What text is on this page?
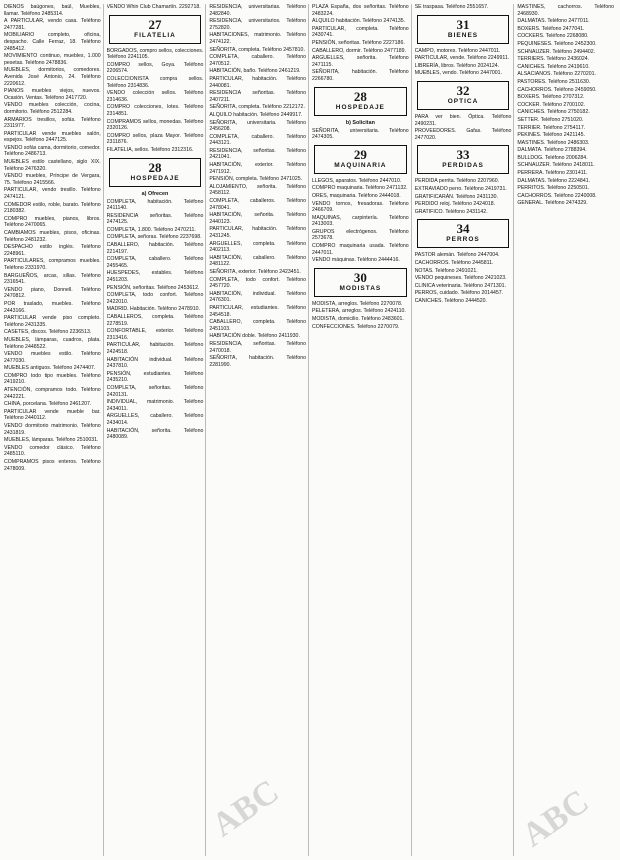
DIENOS baúgones, baúl, Muebles, llamar. Teléfono 2485314.

A PARTICULAR, vendo casa. Teléfono 2477281.

MOBILIARIO completo, oficina, despacho. Calle Ferraz, 18. Teléfono 2485412.

MOVIMIENTO continuo, muebles, 1.000 pesetas. Teléfono 2478836.

MUEBLES, dormitorios, comedores. Avenida José Antonio, 24. Teléfono 2220612.

PIANOS muebles viejos, nuevos. Ocasión. Ventas. Teléfono 2417720.

VENDO muebles colección, cocina, dormitorio. Teléfono 2512284.

ARMARIOS tresillos, sofás. Teléfono 2311977.

PARTICULAR vende muebles salón, espejos. Teléfono 2447125.

VENDO sofás cama, dormitorio, comedor. Teléfono 2486713.

MUEBLES estilo castellano, siglo XIX. Teléfono 2476320.

VENDO muebles, Príncipe de Vergara, 75. Teléfono 2415566.

PARTICULAR, vendo tresillo. Teléfono 2474121.

COMEDOR estilo, roble, barato. Teléfono 2180382.

COMPRO muebles, pianos, libros. Teléfono 2470065.

CAMBIAMOS muebles, pisos, oficinas. Teléfono 2481232.

DESPACHO estilo inglés. Teléfono 2248961.

PARTICULARES, compramos muebles. Teléfono 2331970.

BARGUEÑOS, arcas, sillas. Teléfono 2316541.

VENDO piano, Donnell. Teléfono 2470812.

POR traslado, muebles. Teléfono 2443166.

PARTICULAR vende piso completo. Teléfono 2431335.

CASETES, discos. Teléfono 2236513.

MUEBLES, lámparas, cuadros, plata. Teléfono 2448522.

VENDO muebles estilo. Teléfono 2477030.

MUEBLES antiguos. Teléfono 2474407.

COMPRO todo tipo muebles. Teléfono 2419210.

ATENCIÓN, compramos todo. Teléfono 2442221.

CHINA, porcelana. Teléfono 2461207.

PARTICULAR vende mueble bar. Teléfono 2440112.

VENDO dormitorio matrimonio. Teléfono 2431819.

MUEBLES, lámparas. Teléfono 2510031.

VENDO comedor clásico. Teléfono 2485110.

COMPRAMOS pisos enteros. Teléfono 2478009.

VENDO Whin Club Chamartín. 2292718.

27
FILATELIA

BORGADOS, compro sellos, colecciones. Teléfono 2241105.

COMPRO sellos, Goya. Teléfono 2206574.

COLECCIONISTA compra sellos. Teléfono 2314836.

VENDO colección sellos. Teléfono 2314636.

COMPRO colecciones, lotes. Teléfono 2314851.

COMPRAMOS sellos, monedas. Teléfono 2320126.

COMPRO sellos, plaza Mayor. Teléfono 2311876.

FILATELIA, sellos. Teléfono 2312316.

28
HOSPEDAJE
a) Ofrecen

COMPLETA, habitación. Teléfono 2411140.

RESIDENCIA señoritas. Teléfono 2474125.

COMPLETA, 1.800. Teléfono 2470211.

COMPLETA, señoras. Teléfono 2237698.

CABALLERO, habitación. Teléfono 2214197.

COMPLETA, caballero. Teléfono 2455465.

HUESPEDES, estables. Teléfono 2451203.

PENSIÓN, señoritas. Teléfono 2453612.

COMPLETA, todo confort. Teléfono 2422010.

MADRID. Habitación. Teléfono 2478910.

CABALLEROS, completa. Teléfono 2278519.

CONFORTABLE, exterior. Teléfono 2313416.

PARTICULAR, habitación. Teléfono 2424518.

HABITACIÓN individual. Teléfono 2437810.

PENSIÓN, estudiantes. Teléfono 2435210.

COMPLETA, señoritas. Teléfono 2420131.

INDIVIDUAL, matrimonio. Teléfono 2434011.

ARGUELLES, caballero. Teléfono 2434014.

HABITACIÓN, señorita. Teléfono 2480089.

RESIDENCIA, universitarias. Teléfono 2482840.

RESIDENCIA, universitarios. Teléfono 2752820.

HABITACIONES, matrimonio. Teléfono 2474122.

SEÑORITA, completa. Teléfono 2457810.

COMPLETA, caballero. Teléfono 2470512.

HABITACIÓN, baño. Teléfono 2461219.

PARTICULAR, habitación. Teléfono 2440081.

RESIDENCIA señoritas. Teléfono 2407211.

SEÑORITA, completa. Teléfono 2212172.

ALQUILO habitación. Teléfono 2449917.

SEÑORITA, universitaria. Teléfono 2456208.

COMPLETA, caballero. Teléfono 2443121.

RESIDENCIA, señoritas. Teléfono 2421041.

HABITACIÓN, exterior. Teléfono 2471912.

PENSIÓN, completa. Teléfono 2471025.

ALOJAMIENTO, señorita. Teléfono 2458112.

COMPLETA, caballeros. Teléfono 2478041.

HABITACIÓN, señorita. Teléfono 2440123.

PARTICULAR, habitación. Teléfono 2431245.

ARGUELLES, completa. Teléfono 2402113.

HABITACIÓN, caballero. Teléfono 2481122.

SEÑORITA, exterior. Teléfono 2423451.

COMPLETA, todo confort. Teléfono 2457720.

HABITACIÓN, individual. Teléfono 2476301.

PARTICULAR, estudiantes. Teléfono 2454518.

CABALLERO, completa. Teléfono 2451103.

HABITACIÓN doble. Teléfono 2411930.

RESIDENCIA, señoritas. Teléfono 2470018.

SEÑORITA, habitación. Teléfono 2281990.

PLAZA España, dos señoritas. Teléfono 2483224.

ALQUILO habitación. Teléfono 2474135.

PARTICULAR, completa. Teléfono 2430741.

PENSIÓN, señoritas. Teléfono 2227186.

CABALLERO, dormir. Teléfono 2477189.

ARGUELLES, señorita. Teléfono 2471115.

SEÑORITA, habitación. Teléfono 2266780.

28
HOSPEDAJE
b) Solicitan

SEÑORITA, universitaria. Teléfono 2474305.

29
MAQUINARIA

LLEGOS, aparatos. Teléfono 2447010.

COMPRO maquinaria. Teléfono 2471132.

ORES, maquinaria. Teléfono 2444018.

VENDO tornos, fresadoras. Teléfono 2466709.

MAQUINAS, carpintería. Teléfono 2413003.

GRUPOS electrógenos. Teléfono 2573678.

COMPRO maquinaria usada. Teléfono 2447011.

VENDO máquinas. Teléfono 2444416.

30
MODISTAS

MODISTA, arreglos. Teléfono 2270078.

PELETERA, arreglos. Teléfono 2424110.

MODISTA, domicilio. Teléfono 2483601.

CONFECCIONES. Teléfono 2270079.

SE traspasa. Teléfono 2551657.

31
BIENES

CAMPO, motores. Teléfono 2447011.

PARTICULAR, vende. Teléfono 2249911.

LIBRERÍA, libros. Teléfono 2024124.

MUEBLES, vendo. Teléfono 2447001.

32
OPTICA

PARA ver bien. Óptica. Teléfono 2490231.

PROVEEDORES. Gafas. Teléfono 2477020.

33
PERDIDAS

PERDIDA perrita. Teléfono 2207960.

EXTRAVIADO perro. Teléfono 2419731.

GRATIFICARÁN. Teléfono 2431130.

PERDIDO reloj. Teléfono 2424018.

GRATIFICO. Teléfono 2431142.

34
PERROS

PASTOR alemán. Teléfono 2447004.

CACHORROS. Teléfono 2445811.

NOTAS. Teléfono 2491021.

VENDO pequineses. Teléfono 2421023.

CLINICA veterinaria. Teléfono 2471301.

PERROS, cuidado. Teléfono 2014457.

CANICHES. Teléfono 2444520.

MASTINES, cachorros. Teléfono 2468930.

DALMATAS. Teléfono 2477011.

BOXERS. Teléfono 2477041.

COCKERS. Teléfono 2268080.

PEQUINESES. Teléfono 2452300.

SCHNAUZER. Teléfono 2494402.

TERRIERS. Teléfono 2436024.

CANICHES. Teléfono 2419610.

ALSACIANOS. Teléfono 2270201.

PASTORES. Teléfono 2511630.

CACHORROS. Teléfono 2459050.

BOXERS. Teléfono 2707312.

COCKER. Teléfono 2700102.

CANICHES. Teléfono 2750182.

SETTER. Teléfono 2751020.

TERRIER. Teléfono 2754117.

PEKINES. Teléfono 2421145.

MASTINES. Teléfono 2486303.

DALMATA. Teléfono 2788394.

BULLDOG. Teléfono 2006284.

SCHNAUZER. Teléfono 2418011.

PERRERA. Teléfono 2301411.

DALMATAS. Teléfono 2224841.

PERRITOS. Teléfono 2250501.

CACHORROS. Teléfono 2240008.

GENERAL. Teléfono 2474329.

ABC	ABC
